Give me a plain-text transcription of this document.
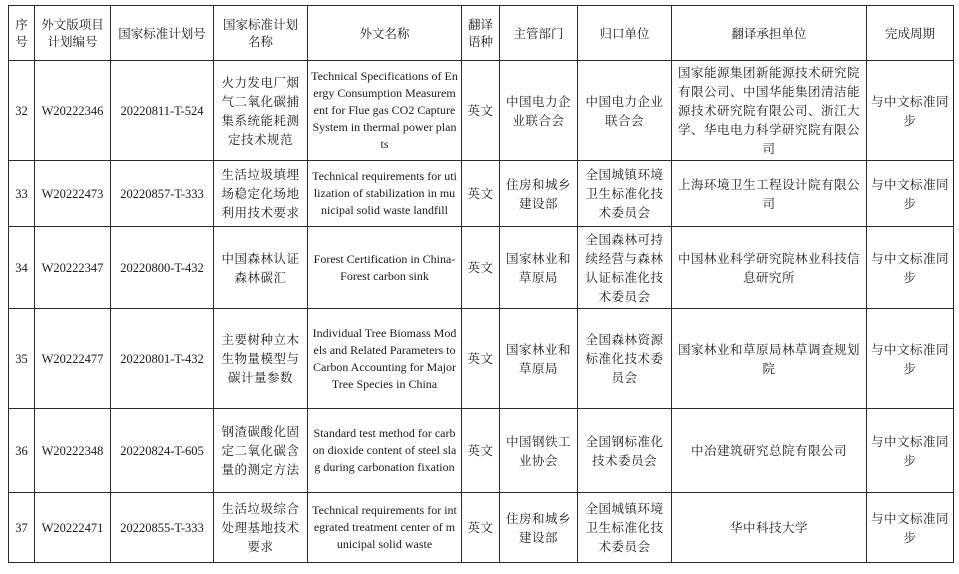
序号	外文版项目计划编号	国家标准计划号	国家标准计划名称	外文名称	翻译语种	主管部门	归口单位	翻译承担单位	完成周期
32	W20222346	20220811-T-524	火力发电厂烟气二氧化碳捕集系统能耗测定技术规范	Technical Specifications of Energy Consumption Measurement for Flue gas CO2 Capture System in thermal power plants	英文	中国电力企业联合会	中国电力企业联合会	国家能源集团新能源技术研究院有限公司、中国华能集团清洁能源技术研究院有限公司、浙江大学、华电电力科学研究院有限公司	与中文标准同步
33	W20222473	20220857-T-333	生活垃圾填埋场稳定化场地利用技术要求	Technical requirements for utilization of stabilization in municipal solid waste landfill	英文	住房和城乡建设部	全国城镇环境卫生标准化技术委员会	上海环境卫生工程设计院有限公司	与中文标准同步
34	W20222347	20220800-T-432	中国森林认证森林碳汇	Forest Certification in China-Forest carbon sink	英文	国家林业和草原局	全国森林可持续经营与森林认证标准化技术委员会	中国林业科学研究院林业科技信息研究所	与中文标准同步
35	W20222477	20220801-T-432	主要树种立木生物量模型与碳计量参数	Individual Tree Biomass Models and Related Parameters to Carbon Accounting for Major Tree Species in China	英文	国家林业和草原局	全国森林资源标准化技术委员会	国家林业和草原局林草调查规划院	与中文标准同步
36	W20222348	20220824-T-605	钢渣碳酸化固定二氧化碳含量的测定方法	Standard test method for carbon dioxide content of steel slag during carbonation fixation	英文	中国钢铁工业协会	全国钢标准化技术委员会	中冶建筑研究总院有限公司	与中文标准同步
37	W20222471	20220855-T-333	生活垃圾综合处理基地技术要求	Technical requirements for integrated treatment center of municipal solid waste	英文	住房和城乡建设部	全国城镇环境卫生标准化技术委员会	华中科技大学	与中文标准同步
